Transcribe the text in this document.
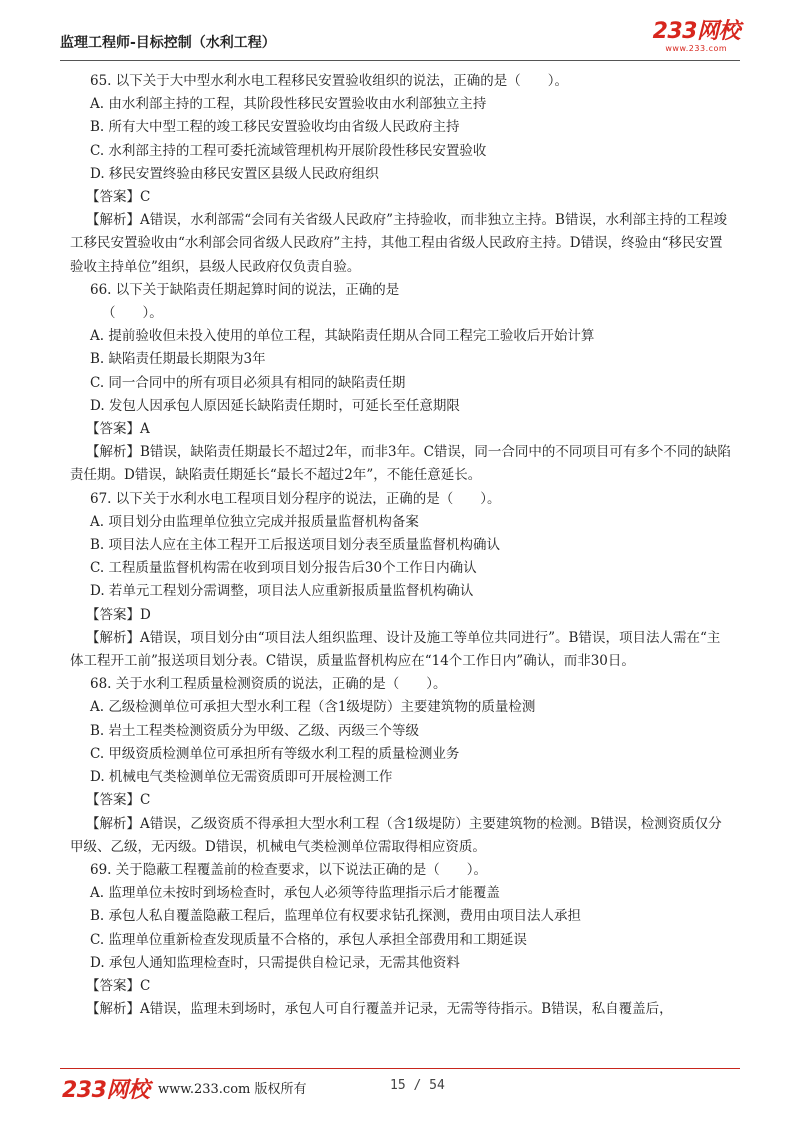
监理工程师-目标控制（水利工程）	233网校
www.233.com

65. 以下关于大中型水利水电工程移民安置验收组织的说法，正确的是（　　）。

A. 由水利部主持的工程，其阶段性移民安置验收由水利部独立主持

B. 所有大中型工程的竣工移民安置验收均由省级人民政府主持

C. 水利部主持的工程可委托流域管理机构开展阶段性移民安置验收

D. 移民安置终验由移民安置区县级人民政府组织

【答案】C

【解析】A错误，水利部需“会同有关省级人民政府”主持验收，而非独立主持。B错误，水利部主持的工程竣工移民安置验收由“水利部会同省级人民政府”主持，其他工程由省级人民政府主持。D错误，终验由“移民安置验收主持单位”组织，县级人民政府仅负责自验。

66. 以下关于缺陷责任期起算时间的说法，正确的是

（　　）。

A. 提前验收但未投入使用的单位工程，其缺陷责任期从合同工程完工验收后开始计算

B. 缺陷责任期最长期限为3年

C. 同一合同中的所有项目必须具有相同的缺陷责任期

D. 发包人因承包人原因延长缺陷责任期时，可延长至任意期限

【答案】A

【解析】B错误，缺陷责任期最长不超过2年，而非3年。C错误，同一合同中的不同项目可有多个不同的缺陷责任期。D错误，缺陷责任期延长“最长不超过2年”，不能任意延长。

67. 以下关于水利水电工程项目划分程序的说法，正确的是（　　）。

A. 项目划分由监理单位独立完成并报质量监督机构备案

B. 项目法人应在主体工程开工后报送项目划分表至质量监督机构确认

C. 工程质量监督机构需在收到项目划分报告后30个工作日内确认

D. 若单元工程划分需调整，项目法人应重新报质量监督机构确认

【答案】D

【解析】A错误，项目划分由“项目法人组织监理、设计及施工等单位共同进行”。B错误，项目法人需在“主体工程开工前”报送项目划分表。C错误，质量监督机构应在“14个工作日内”确认，而非30日。

68. 关于水利工程质量检测资质的说法，正确的是（　　）。

A. 乙级检测单位可承担大型水利工程（含1级堤防）主要建筑物的质量检测

B. 岩土工程类检测资质分为甲级、乙级、丙级三个等级

C. 甲级资质检测单位可承担所有等级水利工程的质量检测业务

D. 机械电气类检测单位无需资质即可开展检测工作

【答案】C

【解析】A错误，乙级资质不得承担大型水利工程（含1级堤防）主要建筑物的检测。B错误，检测资质仅分甲级、乙级，无丙级。D错误，机械电气类检测单位需取得相应资质。

69. 关于隐蔽工程覆盖前的检查要求，以下说法正确的是（　　）。

A. 监理单位未按时到场检查时，承包人必须等待监理指示后才能覆盖

B. 承包人私自覆盖隐蔽工程后，监理单位有权要求钻孔探测，费用由项目法人承担

C. 监理单位重新检查发现质量不合格的，承包人承担全部费用和工期延误

D. 承包人通知监理检查时，只需提供自检记录，无需其他资料

【答案】C

【解析】A错误，监理未到场时，承包人可自行覆盖并记录，无需等待指示。B错误，私自覆盖后，

233网校 www.233.com 版权所有	15 / 54
